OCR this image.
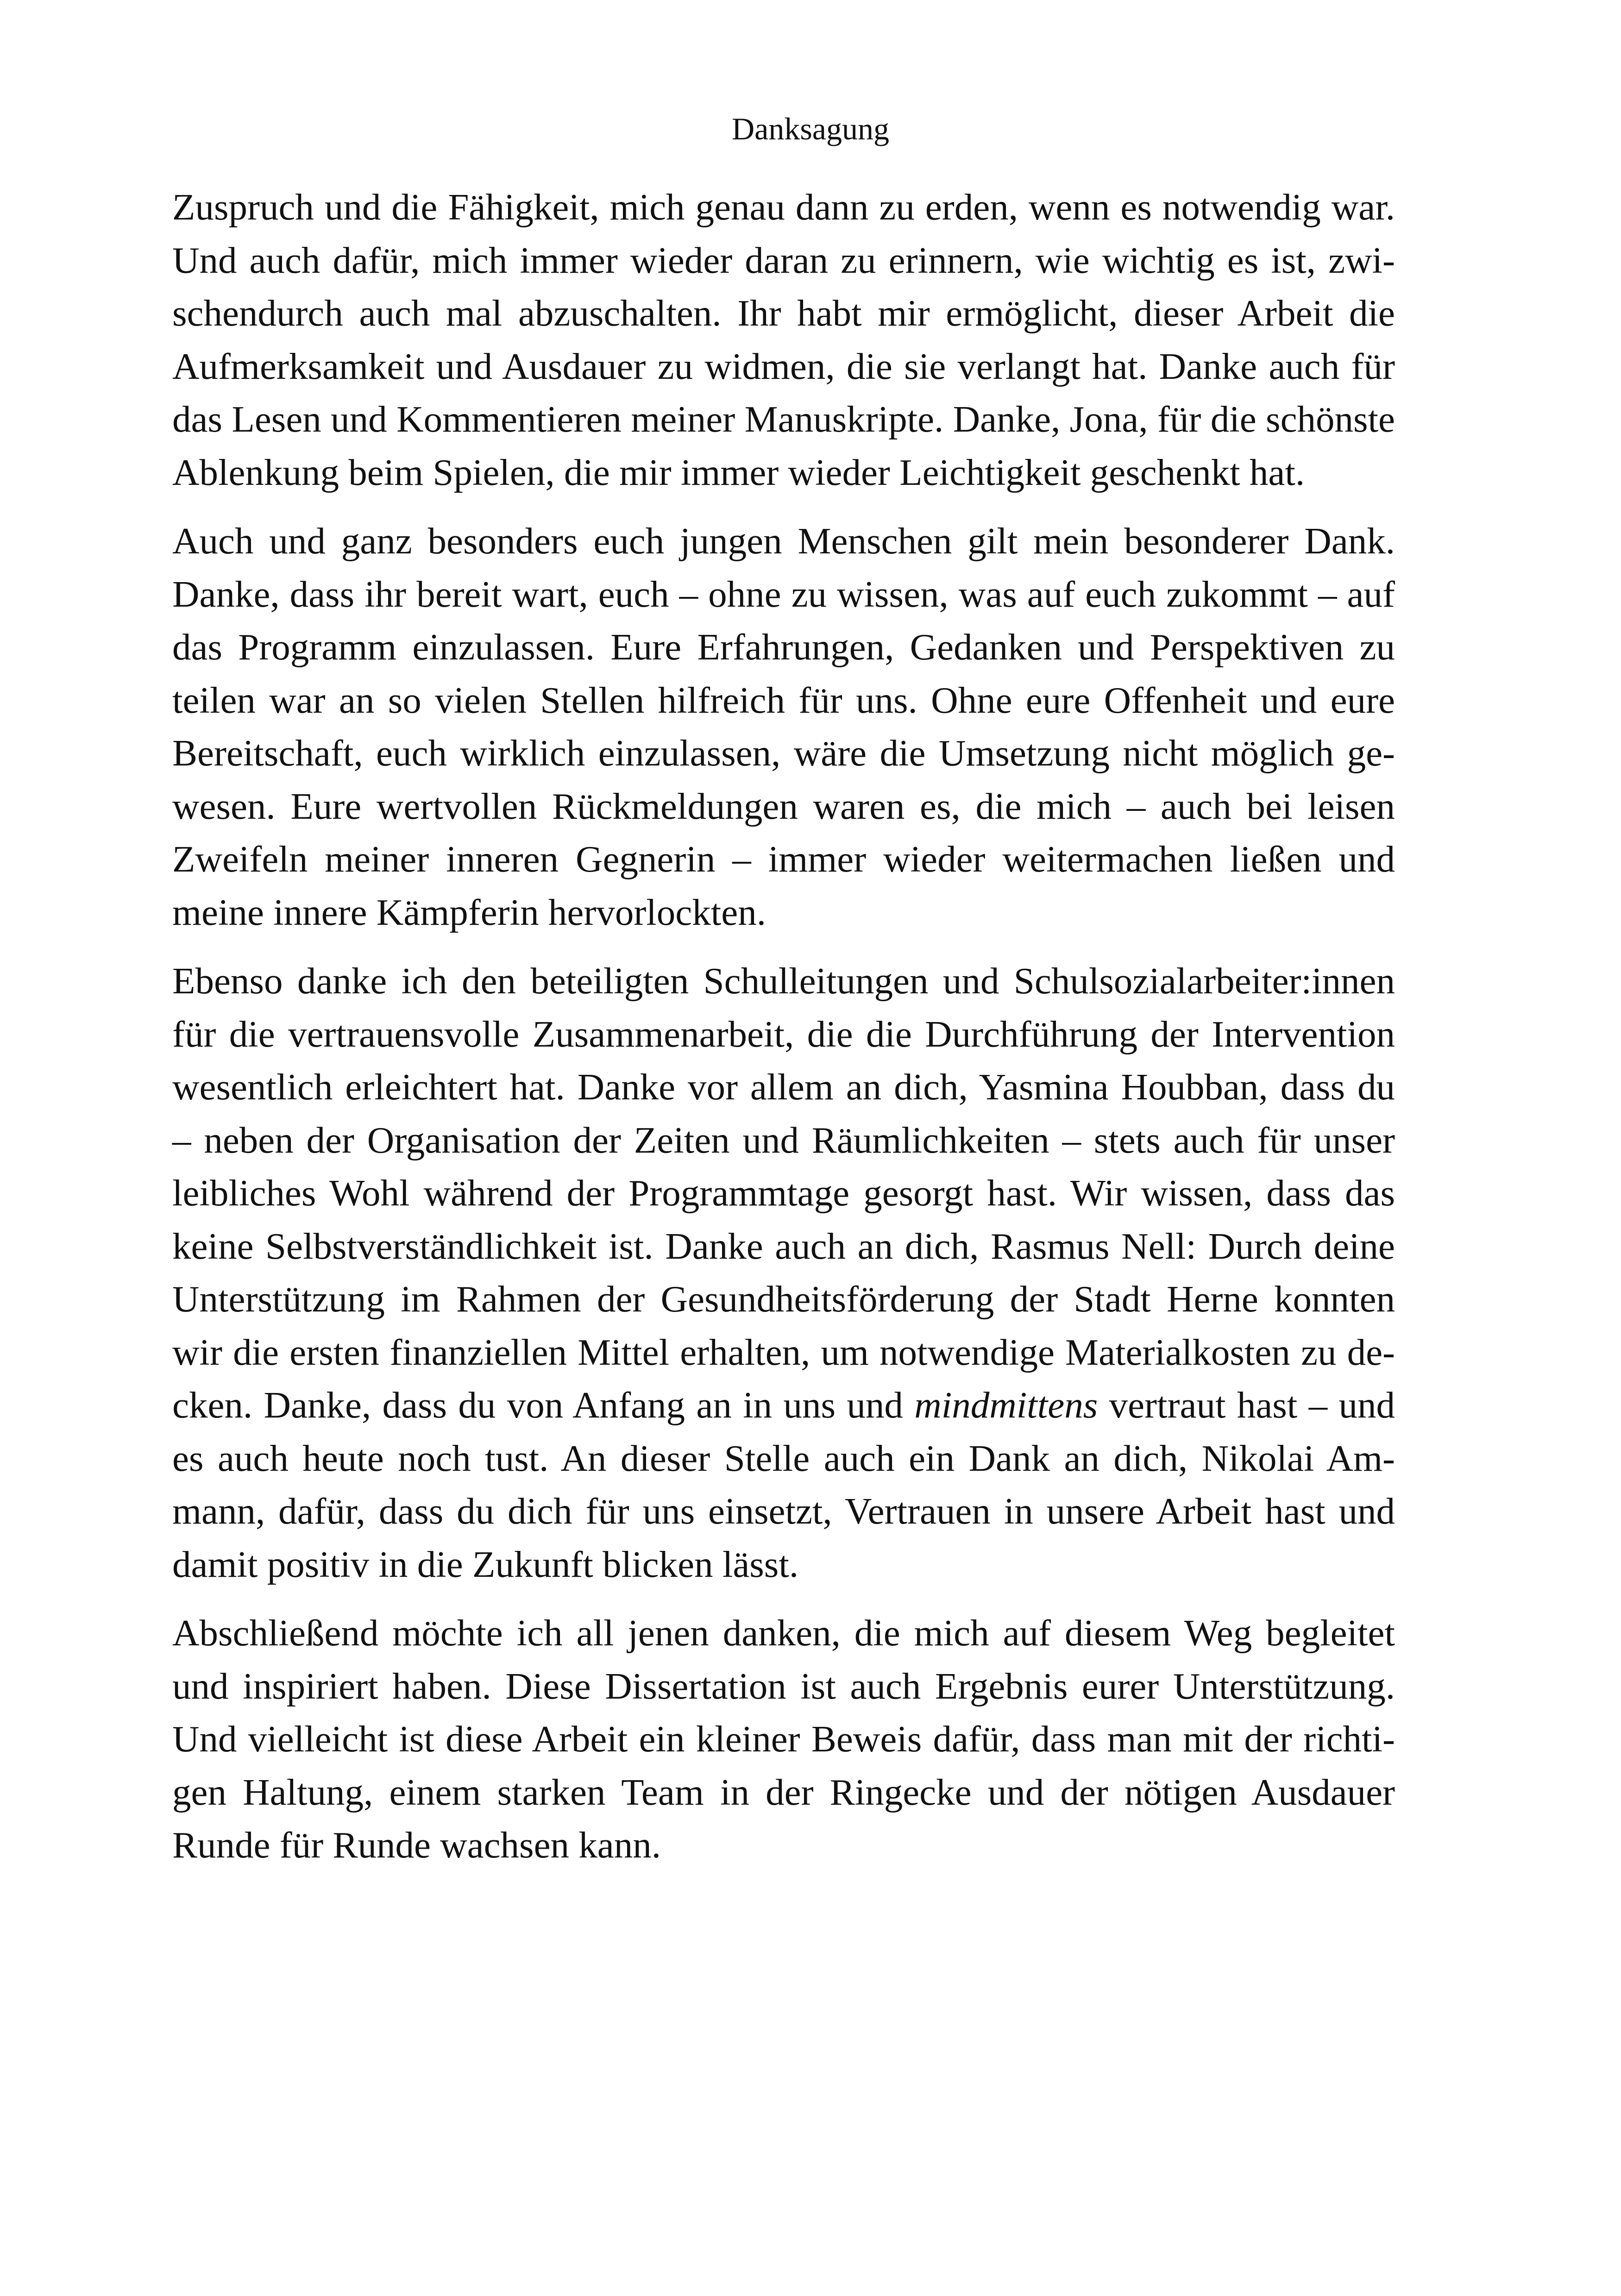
Danksagung

Zuspruch und die Fähigkeit, mich genau dann zu erden, wenn es notwendig war.
Und auch dafür, mich immer wieder daran zu erinnern, wie wichtig es ist, zwi-
schendurch auch mal abzuschalten. Ihr habt mir ermöglicht, dieser Arbeit die
Aufmerksamkeit und Ausdauer zu widmen, die sie verlangt hat. Danke auch für
das Lesen und Kommentieren meiner Manuskripte. Danke, Jona, für die schönste
Ablenkung beim Spielen, die mir immer wieder Leichtigkeit geschenkt hat.

Auch und ganz besonders euch jungen Menschen gilt mein besonderer Dank.
Danke, dass ihr bereit wart, euch – ohne zu wissen, was auf euch zukommt – auf
das Programm einzulassen. Eure Erfahrungen, Gedanken und Perspektiven zu
teilen war an so vielen Stellen hilfreich für uns. Ohne eure Offenheit und eure
Bereitschaft, euch wirklich einzulassen, wäre die Umsetzung nicht möglich ge-
wesen. Eure wertvollen Rückmeldungen waren es, die mich – auch bei leisen
Zweifeln meiner inneren Gegnerin – immer wieder weitermachen ließen und
meine innere Kämpferin hervorlockten.

Ebenso danke ich den beteiligten Schulleitungen und Schulsozialarbeiter:innen
für die vertrauensvolle Zusammenarbeit, die die Durchführung der Intervention
wesentlich erleichtert hat. Danke vor allem an dich, Yasmina Houbban, dass du
– neben der Organisation der Zeiten und Räumlichkeiten – stets auch für unser
leibliches Wohl während der Programmtage gesorgt hast. Wir wissen, dass das
keine Selbstverständlichkeit ist. Danke auch an dich, Rasmus Nell: Durch deine
Unterstützung im Rahmen der Gesundheitsförderung der Stadt Herne konnten
wir die ersten finanziellen Mittel erhalten, um notwendige Materialkosten zu de-
cken. Danke, dass du von Anfang an in uns und mindmittens vertraut hast – und
es auch heute noch tust. An dieser Stelle auch ein Dank an dich, Nikolai Am-
mann, dafür, dass du dich für uns einsetzt, Vertrauen in unsere Arbeit hast und
damit positiv in die Zukunft blicken lässt.

Abschließend möchte ich all jenen danken, die mich auf diesem Weg begleitet
und inspiriert haben. Diese Dissertation ist auch Ergebnis eurer Unterstützung.
Und vielleicht ist diese Arbeit ein kleiner Beweis dafür, dass man mit der richti-
gen Haltung, einem starken Team in der Ringecke und der nötigen Ausdauer
Runde für Runde wachsen kann.
